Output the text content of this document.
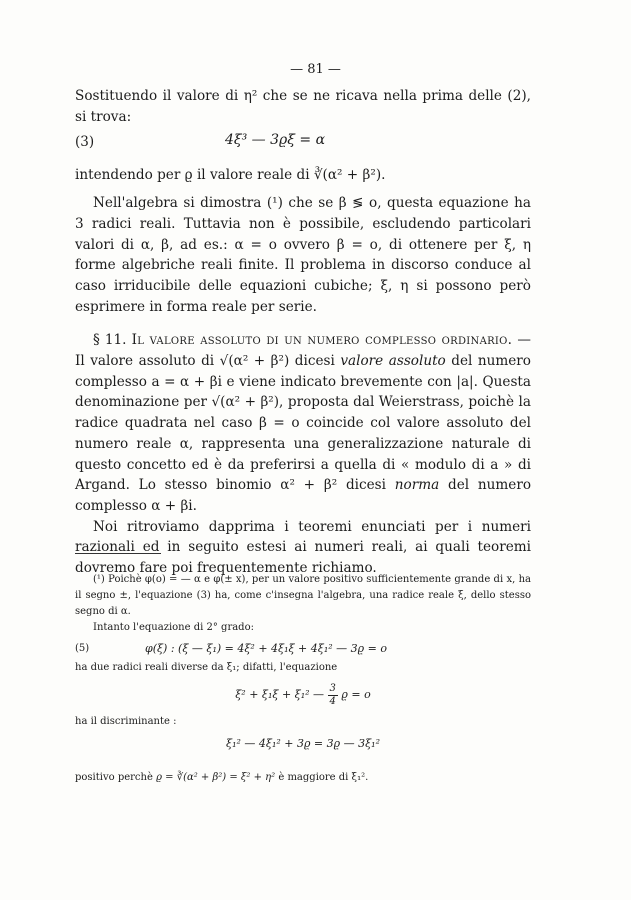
— 81 —

Sostituendo il valore di η² che se ne ricava nella prima delle (2), si trova:

(3)	4ξ³ — 3ϱξ = α

intendendo per ϱ il valore reale di ∛(α² + β²).

Nell'algebra si dimostra (¹) che se β ≶ o, questa equazione ha 3 radici reali. Tuttavia non è possibile, escludendo particolari valori di α, β, ad es.: α = o ovvero β = o, di ottenere per ξ, η forme algebriche reali finite. Il problema in discorso conduce al caso irriducibile delle equazioni cubiche; ξ, η si possono però esprimere in forma reale per serie.

§ 11. Il valore assoluto di un numero complesso ordinario. — Il valore assoluto di √(α² + β²) dicesi valore assoluto del numero complesso a = α + βi e viene indicato brevemente con |a|. Questa denominazione per √(α² + β²), proposta dal Weierstrass, poichè la radice quadrata nel caso β = o coincide col valore assoluto del numero reale α, rappresenta una generalizzazione naturale di questo concetto ed è da preferirsi a quella di « modulo di a » di Argand. Lo stesso binomio α² + β² dicesi norma del numero complesso α + βi.

Noi ritroviamo dapprima i teoremi enunciati per i numeri razionali ed in seguito estesi ai numeri reali, ai quali teoremi dovremo fare poi frequentemente richiamo.

(¹) Poichè φ(o) = — α e φ(± x), per un valore positivo sufficientemente grande di x, ha il segno ±, l'equazione (3) ha, come c'insegna l'algebra, una radice reale ξ, dello stesso segno di α.

Intanto l'equazione di 2° grado:

(5)	φ(ξ) : (ξ — ξ₁) = 4ξ² + 4ξ₁ξ + 4ξ₁² — 3ϱ = o

ha due radici reali diverse da ξ₁; difatti, l'equazione

ξ² + ξ₁ξ + ξ₁² — $\frac{3}{4}$ ϱ = o

ha il discriminante :

ξ₁² — 4ξ₁² + 3ϱ = 3ϱ — 3ξ₁²

positivo perchè ϱ = ∛(α² + β²) = ξ² + η² è maggiore di ξ₁².
